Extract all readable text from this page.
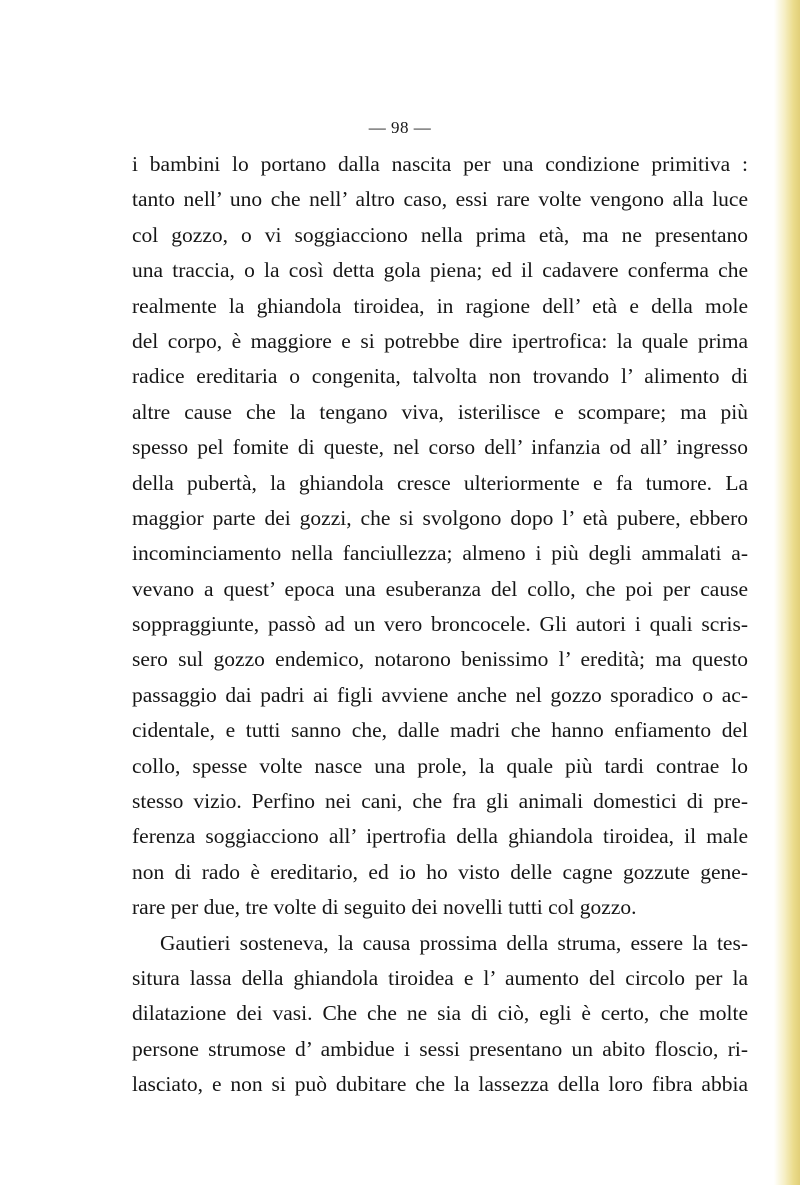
— 98 —
i bambini lo portano dalla nascita per una condizione primitiva :
tanto nell’ uno che nell’ altro caso, essi rare volte vengono alla luce
col gozzo, o vi soggiacciono nella prima età, ma ne presentano
una traccia, o la così detta gola piena; ed il cadavere conferma che
realmente la ghiandola tiroidea, in ragione dell’ età e della mole
del corpo, è maggiore e si potrebbe dire ipertrofica: la quale prima
radice ereditaria o congenita, talvolta non trovando l’ alimento di
altre cause che la tengano viva, isterilisce e scompare; ma più
spesso pel fomite di queste, nel corso dell’ infanzia od all’ ingresso
della pubertà, la ghiandola cresce ulteriormente e fa tumore. La
maggior parte dei gozzi, che si svolgono dopo l’ età pubere, ebbero
incominciamento nella fanciullezza; almeno i più degli ammalati a-
vevano a quest’ epoca una esuberanza del collo, che poi per cause
soppraggiunte, passò ad un vero broncocele. Gli autori i quali scris-
sero sul gozzo endemico, notarono benissimo l’ eredità; ma questo
passaggio dai padri ai figli avviene anche nel gozzo sporadico o ac-
cidentale, e tutti sanno che, dalle madri che hanno enfiamento del
collo, spesse volte nasce una prole, la quale più tardi contrae lo
stesso vizio. Perfino nei cani, che fra gli animali domestici di pre-
ferenza soggiacciono all’ ipertrofia della ghiandola tiroidea, il male
non di rado è ereditario, ed io ho visto delle cagne gozzute gene-
rare per due, tre volte di seguito dei novelli tutti col gozzo.
Gautieri sosteneva, la causa prossima della struma, essere la tes-
situra lassa della ghiandola tiroidea e l’ aumento del circolo per la
dilatazione dei vasi. Che che ne sia di ciò, egli è certo, che molte
persone strumose d’ ambidue i sessi presentano un abito floscio, ri-
lasciato, e non si può dubitare che la lassezza della loro fibra abbia
